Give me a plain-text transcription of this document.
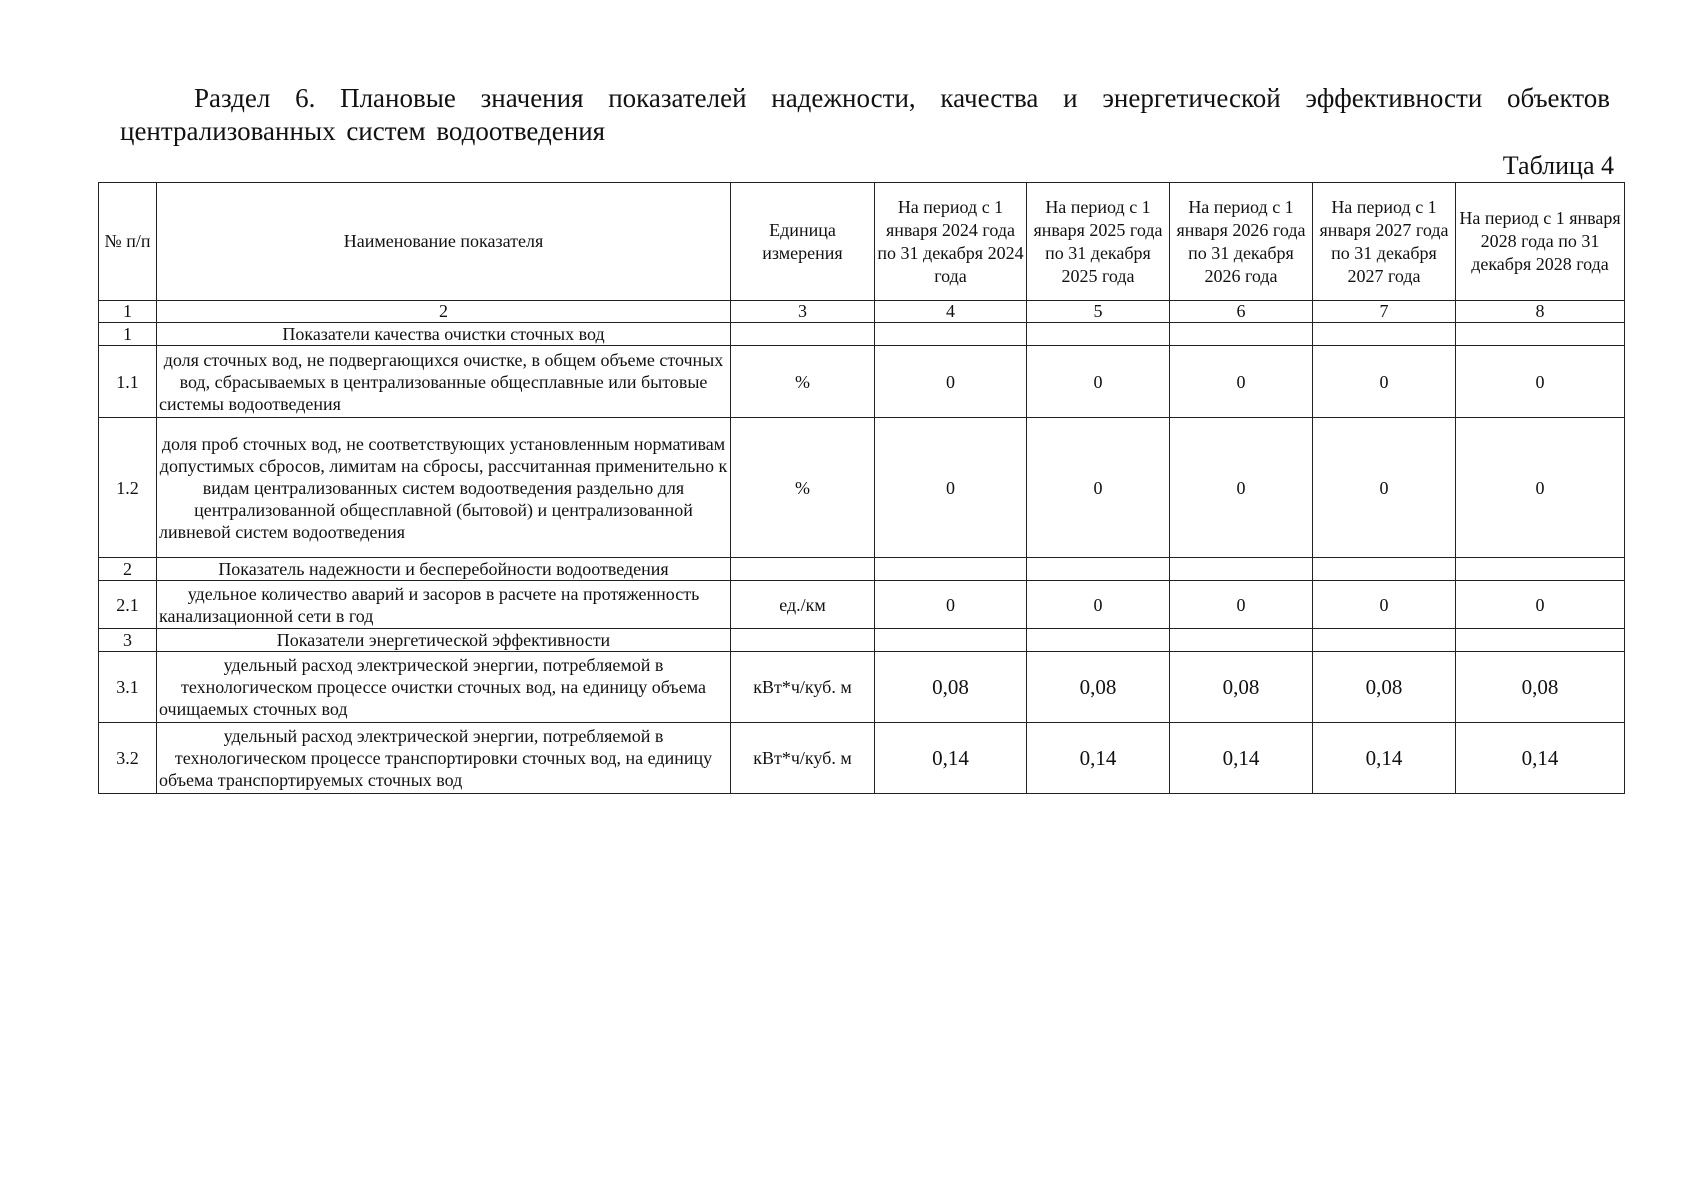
Раздел 6. Плановые значения показателей надежности, качества и энергетической эффективности объектов централизованных систем водоотведения
Таблица 4
№ п/п	Наименование показателя	Единица измерения	На период с 1 января 2024 года по 31 декабря 2024 года	На период с 1 января 2025 года по 31 декабря 2025 года	На период с 1 января 2026 года по 31 декабря 2026 года	На период с 1 января 2027 года по 31 декабря 2027 года	На период с 1 января 2028 года по 31 декабря 2028 года
1	2	3	4	5	6	7	8
1	Показатели качества очистки сточных вод						
1.1	доля сточных вод, не подвергающихся очистке, в общем объеме сточных вод, сбрасываемых в централизованные общесплавные или бытовые системы водоотведения	%	0	0	0	0	0
1.2	доля проб сточных вод, не соответствующих установленным нормативам допустимых сбросов, лимитам на сбросы, рассчитанная применительно к видам централизованных систем водоотведения раздельно для централизованной общесплавной (бытовой) и централизованной ливневой систем водоотведения	%	0	0	0	0	0
2	Показатель надежности и бесперебойности водоотведения						
2.1	удельное количество аварий и засоров в расчете на протяженность канализационной сети в год	ед./км	0	0	0	0	0
3	Показатели энергетической эффективности						
3.1	удельный расход электрической энергии, потребляемой в технологическом процессе очистки сточных вод, на единицу объема очищаемых сточных вод	кВт*ч/куб. м	0,08	0,08	0,08	0,08	0,08
3.2	удельный расход электрической энергии, потребляемой в технологическом процессе транспортировки сточных вод, на единицу объема транспортируемых сточных вод	кВт*ч/куб. м	0,14	0,14	0,14	0,14	0,14
